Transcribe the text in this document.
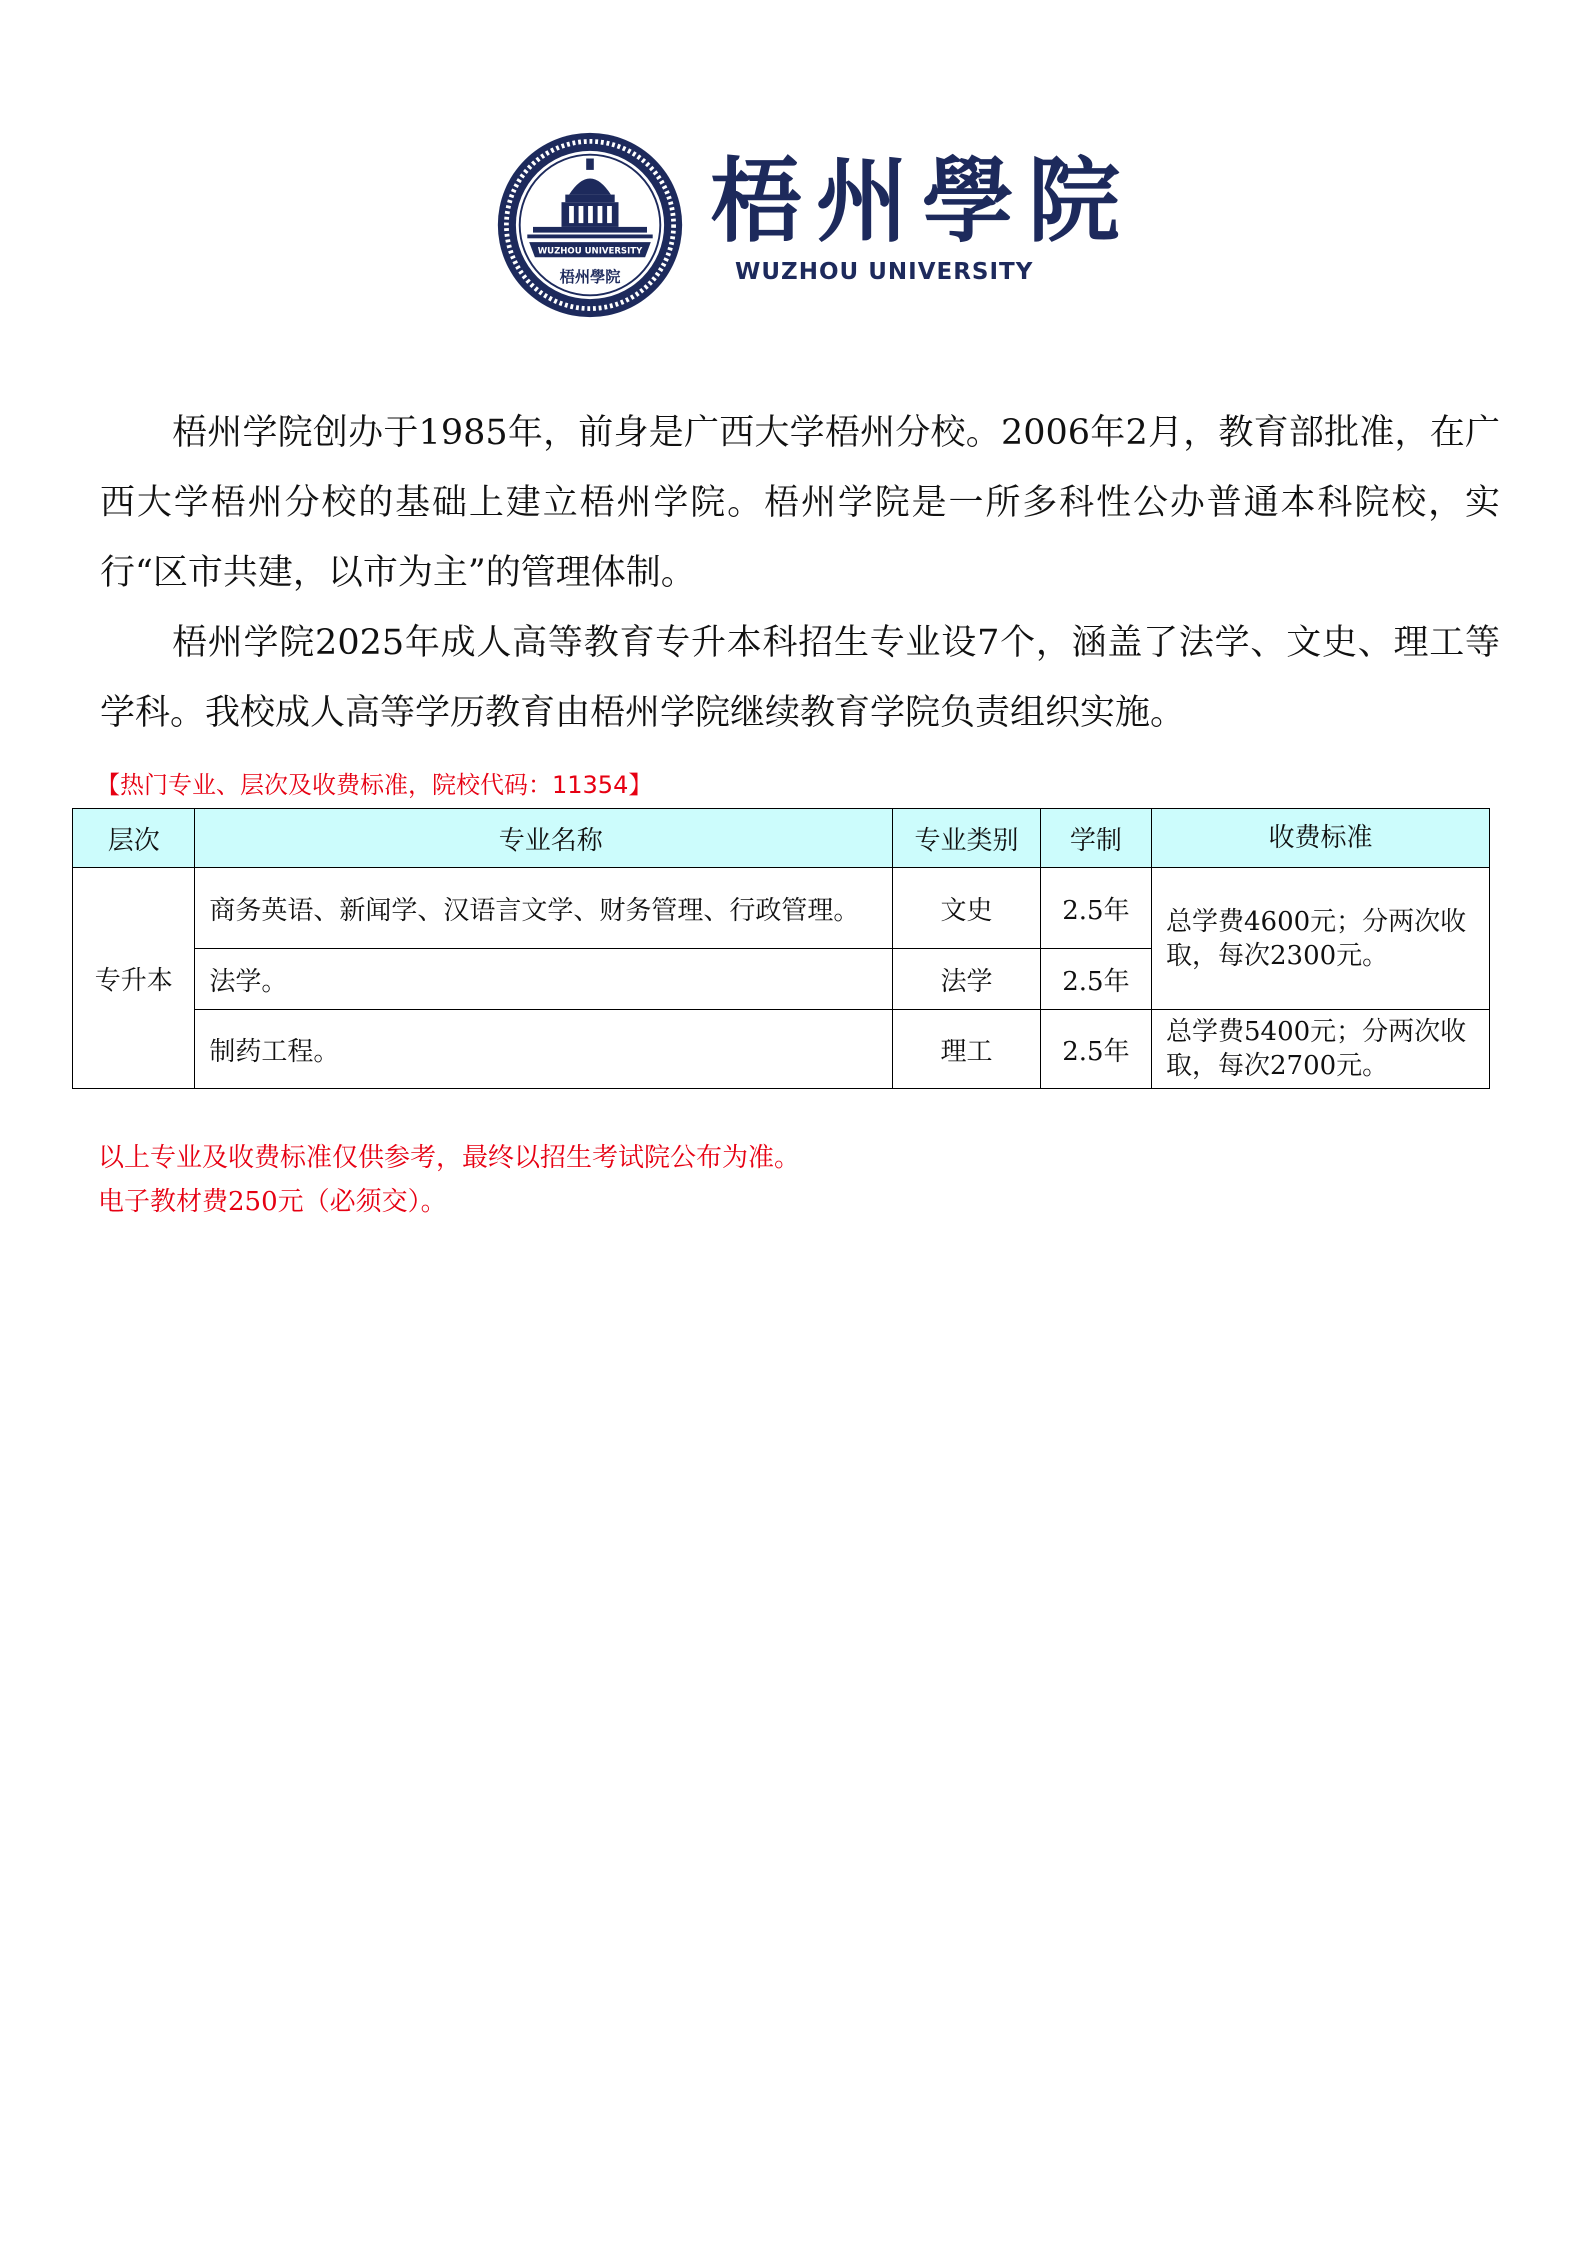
WUZHOU UNIVERSITY
梧州學院
梧州學院
WUZHOU UNIVERSITY

梧州学院创办于1985年，前身是广西大学梧州分校。2006年2月，教育部批准，在广西大学梧州分校的基础上建立梧州学院。梧州学院是一所多科性公办普通本科院校，实行“区市共建，以市为主”的管理体制。

梧州学院2025年成人高等教育专升本科招生专业设7个，涵盖了法学、文史、理工等学科。我校成人高等学历教育由梧州学院继续教育学院负责组织实施。

【热门专业、层次及收费标准，院校代码：11354】
层次	专业名称	专业类别	学制	收费标准
专升本	商务英语、新闻学、汉语言文学、财务管理、行政管理。	文史	2.5年	总学费4600元；分两次收取，每次2300元。
	法学。	法学	2.5年	
	制药工程。	理工	2.5年	总学费5400元；分两次收取，每次2700元。
以上专业及收费标准仅供参考，最终以招生考试院公布为准。
电子教材费250元（必须交）。
